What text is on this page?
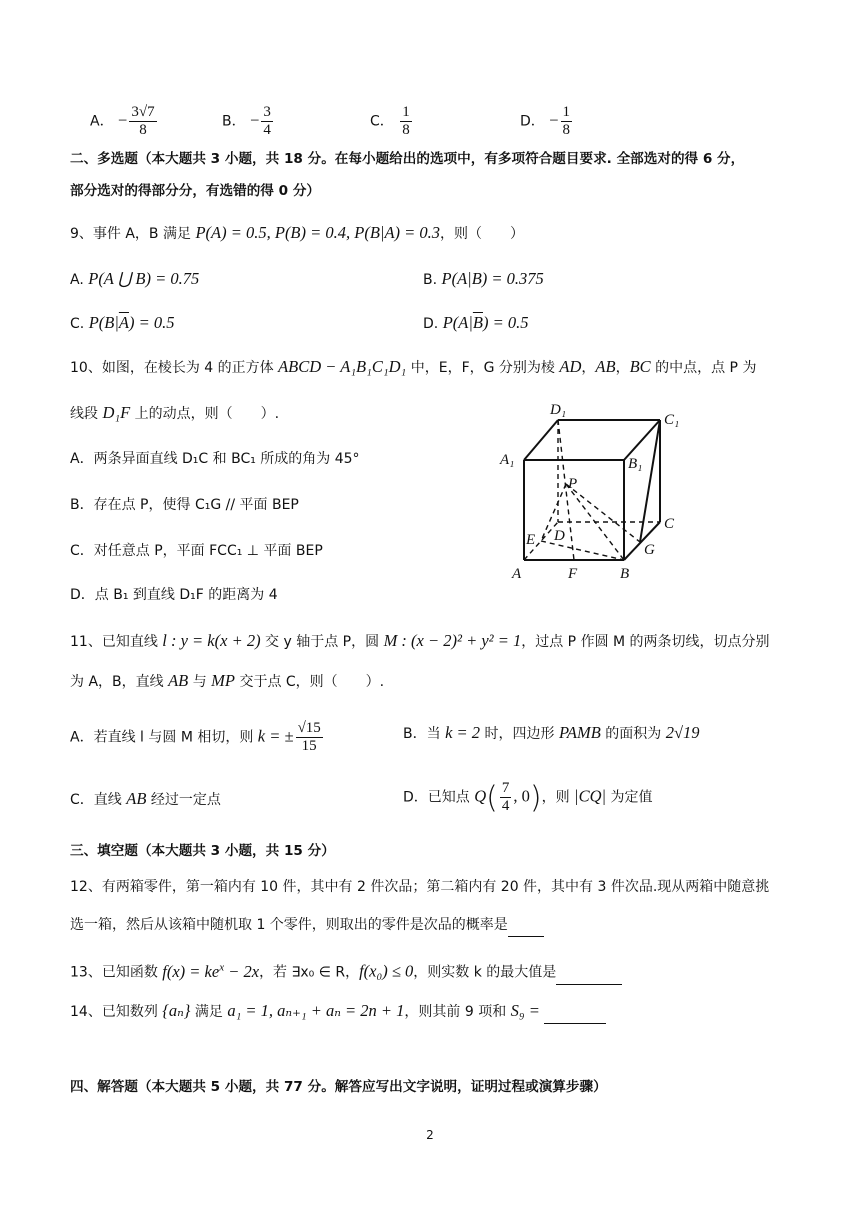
A． − $\frac{3√7}{8}$	B． − $\frac{3}{4}$	C． $\frac{1}{8}$	D． − $\frac{1}{8}$
二、多选题（本大题共 3 小题，共 18 分。在每小题给出的选项中，有多项符合题目要求. 全部选对的得 6 分，
部分选对的得部分分，有选错的得 0 分）
9、事件 A，B 满足 P(A) = 0.5, P(B) = 0.4, P(B|A) = 0.3，则（　　）
A. P(A ⋃ B) = 0.75	B. P(A|B) = 0.375
C. $P(B|\overline{A}) = 0.5$	D. $P(A|\overline{B}) = 0.5$
10、如图，在棱长为 4 的正方体 ABCD − A₁B₁C₁D₁ 中，E，F，G 分别为棱 AD，AB，BC 的中点，点 P 为
线段 D₁F 上的动点，则（　　）.
A．两条异面直线 D₁C 和 BC₁ 所成的角为 45°
B．存在点 P，使得 C₁G // 平面 BEP
C．对任意点 P，平面 FCC₁ ⊥ 平面 BEP
D．点 B₁ 到直线 D₁F 的距离为 4
D₁
C₁
A₁	B₁
P
C
E D
G
A	F	B
11、已知直线 l : y = k(x + 2) 交 y 轴于点 P，圆 M : (x − 2)² + y² = 1，过点 P 作圆 M 的两条切线，切点分别
为 A，B，直线 AB 与 MP 交于点 C，则（　　）.
A．若直线 l 与圆 M 相切，则 k = ± $\frac{√15}{15}$	B．当 k = 2 时，四边形 PAMB 的面积为 2√19
C．直线 AB 经过一定点	D．已知点 $Q( \frac{7}{4}$ , 0)，则 |CQ| 为定值
三、填空题（本大题共 3 小题，共 15 分）
12、有两箱零件，第一箱内有 10 件，其中有 2 件次品；第二箱内有 20 件，其中有 3 件次品.现从两箱中随意挑
选一箱，然后从该箱中随机取 1 个零件，则取出的零件是次品的概率是
13、已知函数 $f(x) = ke^x - 2x$，若 ∃x₀ ∈ R，f(x₀) ≤ 0，则实数 k 的最大值是
14、已知数列 {aₙ} 满足 a₁ = 1, aₙ₊₁ + aₙ = 2n + 1，则其前 9 项和 S₉ =
四、解答题（本大题共 5 小题，共 77 分。解答应写出文字说明，证明过程或演算步骤）
2
